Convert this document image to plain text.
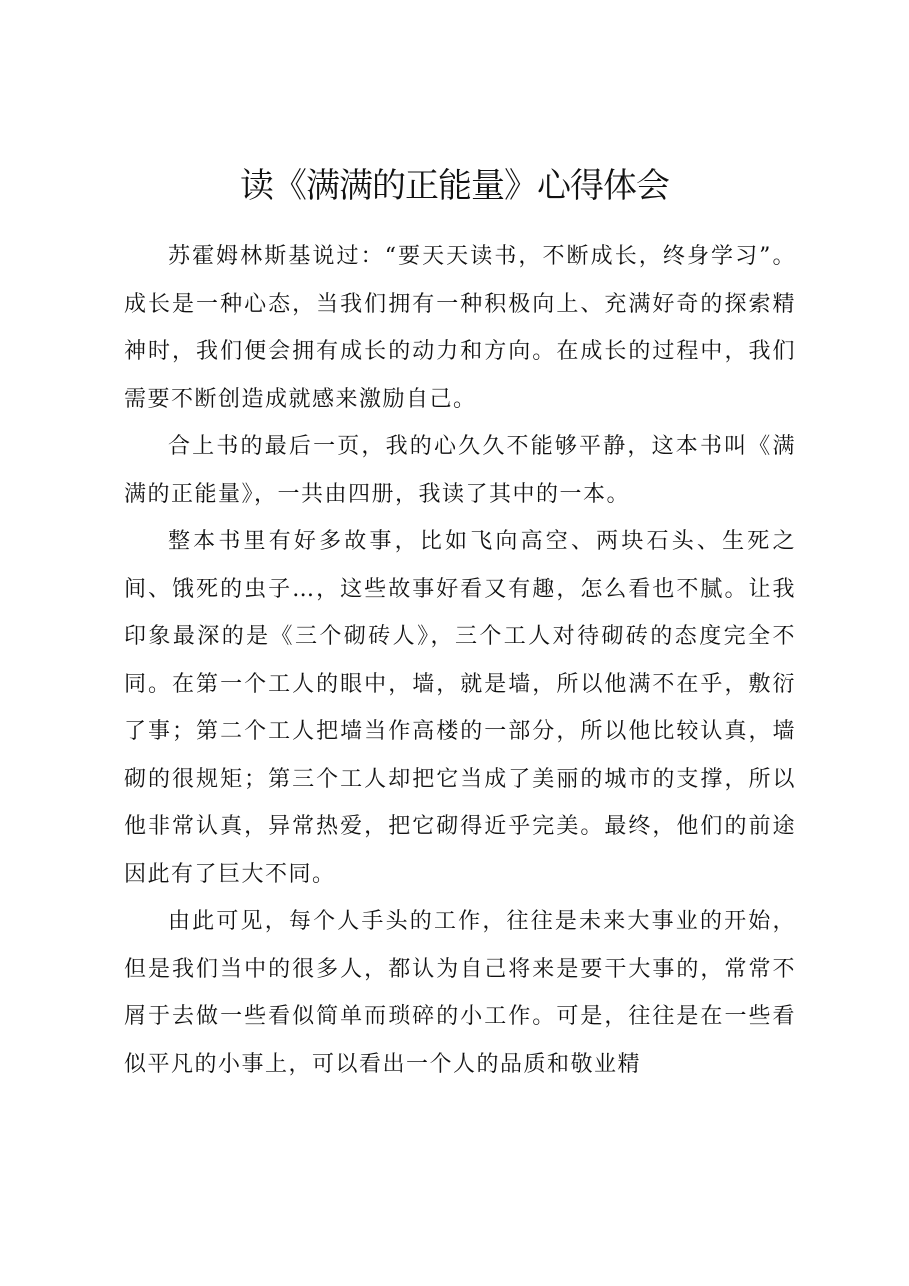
读《满满的正能量》心得体会

苏霍姆林斯基说过：“要天天读书，不断成长，终身学习”。成长是一种心态，当我们拥有一种积极向上、充满好奇的探索精神时，我们便会拥有成长的动力和方向。在成长的过程中，我们需要不断创造成就感来激励自己。

合上书的最后一页，我的心久久不能够平静，这本书叫《满满的正能量》，一共由四册，我读了其中的一本。

整本书里有好多故事，比如飞向高空、两块石头、生死之间、饿死的虫子…，这些故事好看又有趣，怎么看也不腻。让我印象最深的是《三个砌砖人》，三个工人对待砌砖的态度完全不同。在第一个工人的眼中，墙，就是墙，所以他满不在乎，敷衍了事；第二个工人把墙当作高楼的一部分，所以他比较认真，墙砌的很规矩；第三个工人却把它当成了美丽的城市的支撑，所以他非常认真，异常热爱，把它砌得近乎完美。最终，他们的前途因此有了巨大不同。

由此可见，每个人手头的工作，往往是未来大事业的开始，但是我们当中的很多人，都认为自己将来是要干大事的，常常不屑于去做一些看似简单而琐碎的小工作。可是，往往是在一些看似平凡的小事上，可以看出一个人的品质和敬业精
